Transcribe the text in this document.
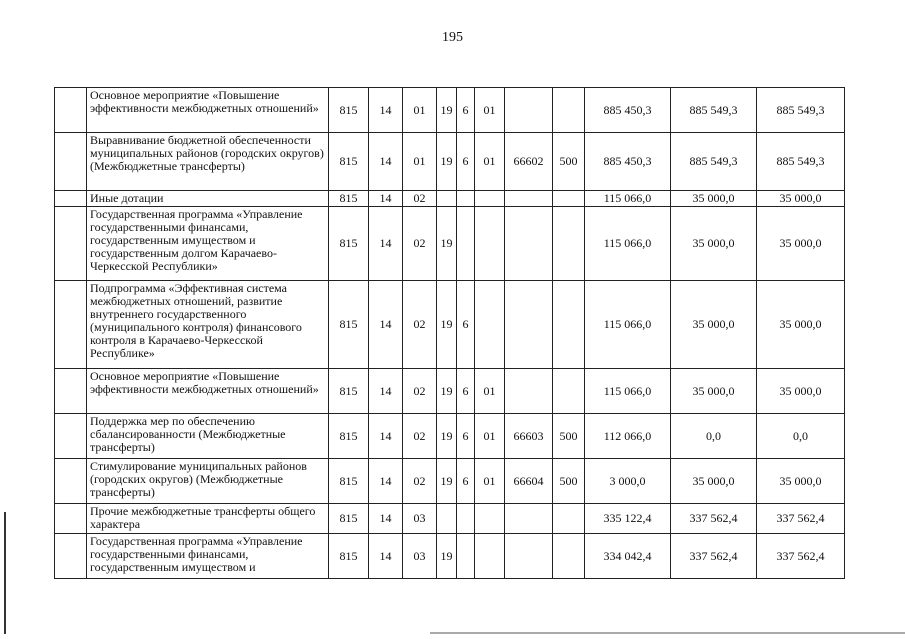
195
	Основное мероприятие «Повышение эффективности межбюджетных отношений»	815	14	01	19	6	01			885 450,3	885 549,3	885 549,3
	Выравнивание бюджетной обеспеченности муниципальных районов (городских округов) (Межбюджетные трансферты)	815	14	01	19	6	01	66602	500	885 450,3	885 549,3	885 549,3
	Иные дотации	815	14	02						115 066,0	35 000,0	35 000,0
	Государственная программа «Управление государственными финансами, государственным имуществом и государственным долгом Карачаево-Черкесской Республики»	815	14	02	19					115 066,0	35 000,0	35 000,0
	Подпрограмма «Эффективная система межбюджетных отношений, развитие внутреннего государственного (муниципального контроля) финансового контроля в Карачаево-Черкесской Республике»	815	14	02	19	6				115 066,0	35 000,0	35 000,0
	Основное мероприятие «Повышение эффективности межбюджетных отношений»	815	14	02	19	6	01			115 066,0	35 000,0	35 000,0
	Поддержка мер по обеспечению сбалансированности (Межбюджетные трансферты)	815	14	02	19	6	01	66603	500	112 066,0	0,0	0,0
	Стимулирование муниципальных районов (городских округов) (Межбюджетные трансферты)	815	14	02	19	6	01	66604	500	3 000,0	35 000,0	35 000,0
	Прочие межбюджетные трансферты общего характера	815	14	03						335 122,4	337 562,4	337 562,4
	Государственная программа «Управление государственными финансами, государственным имуществом и	815	14	03	19					334 042,4	337 562,4	337 562,4
